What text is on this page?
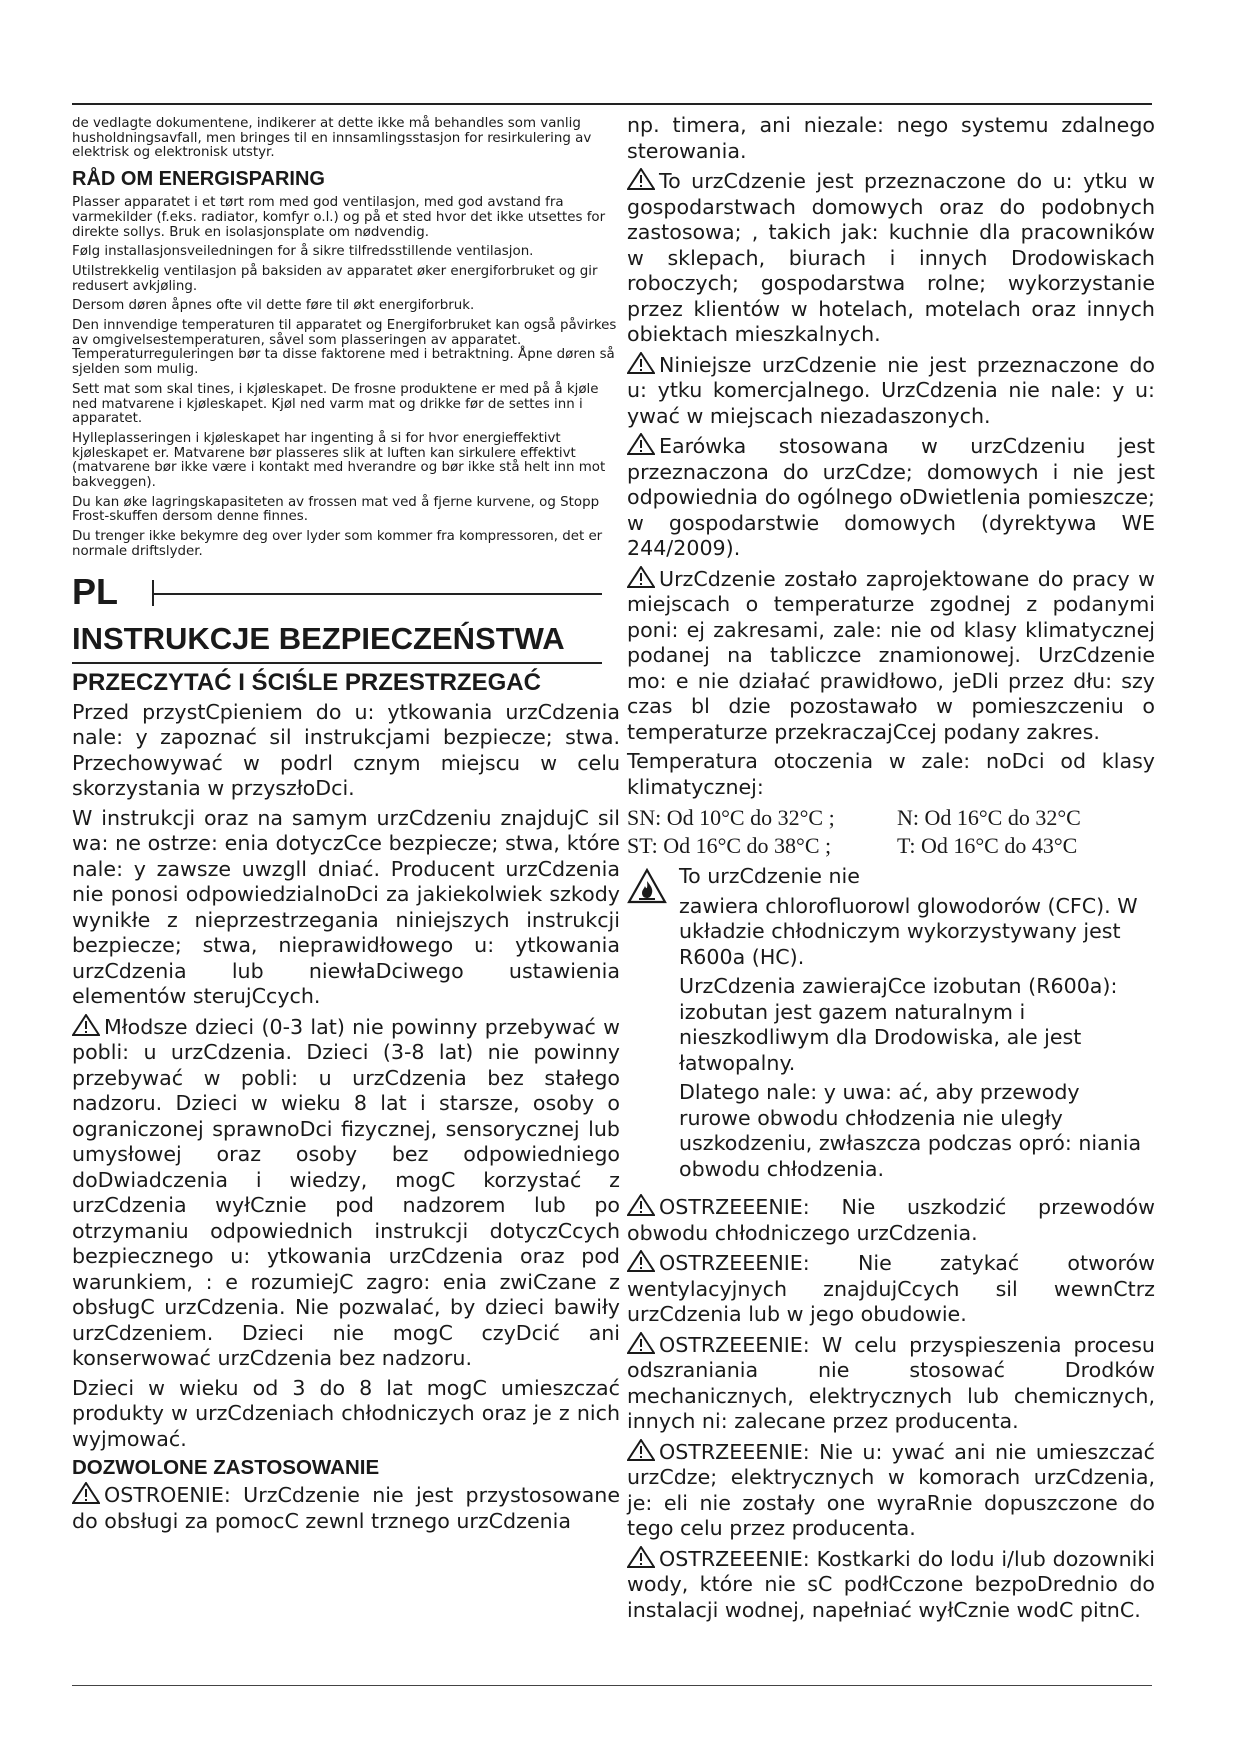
de vedlagte dokumentene, indikerer at dette ikke må behandles som vanlig husholdningsavfall, men bringes til en innsamlingsstasjon for resirkulering av elektrisk og elektronisk utstyr.

RÅD OM ENERGISPARING

Plasser apparatet i et tørt rom med god ventilasjon, med god avstand fra varmekilder (f.eks. radiator, komfyr o.l.) og på et sted hvor det ikke utsettes for direkte sollys. Bruk en isolasjonsplate om nødvendig.

Følg installasjonsveiledningen for å sikre tilfredsstillende ventilasjon.

Utilstrekkelig ventilasjon på baksiden av apparatet øker energiforbruket og gir redusert avkjøling.

Dersom døren åpnes ofte vil dette føre til økt energiforbruk.

Den innvendige temperaturen til apparatet og Energiforbruket kan også påvirkes av omgivelsestemperaturen, såvel som plasseringen av apparatet. Temperaturreguleringen bør ta disse faktorene med i betraktning. Åpne døren så sjelden som mulig.

Sett mat som skal tines, i kjøleskapet. De frosne produktene er med på å kjøle ned matvarene i kjøleskapet. Kjøl ned varm mat og drikke før de settes inn i apparatet.

Hylleplasseringen i kjøleskapet har ingenting å si for hvor energieffektivt kjøleskapet er. Matvarene bør plasseres slik at luften kan sirkulere effektivt (matvarene bør ikke være i kontakt med hverandre og bør ikke stå helt inn mot bakveggen).

Du kan øke lagringskapasiteten av frossen mat ved å fjerne kurvene, og Stopp Frost-skuffen dersom denne finnes.

Du trenger ikke bekymre deg over lyder som kommer fra kompressoren, det er normale driftslyder.

PL
INSTRUKCJE BEZPIECZEŃSTWA
PRZECZYTAĆ I ŚCIŚLE PRZESTRZEGAĆ

Przed przystCpieniem do u: ytkowania urzCdzenia nale: y zapoznać sil instrukcjami bezpiecze; stwa. Przechowywać w podrl cznym miejscu w celu skorzystania w przyszłoDci.

W instrukcji oraz na samym urzCdzeniu znajdujC sil wa: ne ostrze: enia dotyczCce bezpiecze; stwa, które nale: y zawsze uwzgll dniać. Producent urzCdzenia nie ponosi odpowiedzialnoDci za jakiekolwiek szkody wynikłe z nieprzestrzegania niniejszych instrukcji bezpiecze; stwa, nieprawidłowego u: ytkowania urzCdzenia lub niewłaDciwego ustawienia elementów sterujCcych.

Młodsze dzieci (0-3 lat) nie powinny przebywać w pobli: u urzCdzenia. Dzieci (3-8 lat) nie powinny przebywać w pobli: u urzCdzenia bez stałego nadzoru. Dzieci w wieku 8 lat i starsze, osoby o ograniczonej sprawnoDci fizycznej, sensorycznej lub umysłowej oraz osoby bez odpowiedniego doDwiadczenia i wiedzy, mogC korzystać z urzCdzenia wyłCznie pod nadzorem lub po otrzymaniu odpowiednich instrukcji dotyczCcych bezpiecznego u: ytkowania urzCdzenia oraz pod warunkiem, : e rozumiejC zagro: enia zwiCzane z obsługC urzCdzenia. Nie pozwalać, by dzieci bawiły urzCdzeniem. Dzieci nie mogC czyDcić ani konserwować urzCdzenia bez nadzoru.

Dzieci w wieku od 3 do 8 lat mogC umieszczać produkty w urzCdzeniach chłodniczych oraz je z nich wyjmować.

DOZWOLONE ZASTOSOWANIE

OSTROENIE: UrzCdzenie nie jest przystosowane do obsługi za pomocC zewnl trznego urzCdzenia

np. timera, ani niezale: nego systemu zdalnego sterowania.

To urzCdzenie jest przeznaczone do u: ytku w gospodarstwach domowych oraz do podobnych zastosowa; , takich jak: kuchnie dla pracowników w sklepach, biurach i innych Drodowiskach roboczych; gospodarstwa rolne; wykorzystanie przez klientów w hotelach, motelach oraz innych obiektach mieszkalnych.

Niniejsze urzCdzenie nie jest przeznaczone do u: ytku komercjalnego. UrzCdzenia nie nale: y u: ywać w miejscach niezadaszonych.

Earówka stosowana w urzCdzeniu jest przeznaczona do urzCdze; domowych i nie jest odpowiednia do ogólnego oDwietlenia pomieszcze; w gospodarstwie domowych (dyrektywa WE 244/2009).

UrzCdzenie zostało zaprojektowane do pracy w miejscach o temperaturze zgodnej z podanymi poni: ej zakresami, zale: nie od klasy klimatycznej podanej na tabliczce znamionowej. UrzCdzenie mo: e nie działać prawidłowo, jeDli przez dłu: szy czas bl dzie pozostawało w pomieszczeniu o temperaturze przekraczajCcej podany zakres.

Temperatura otoczenia w zale: noDci od klasy klimatycznej:

SN: Od 10°C do 32°C ;	N: Od 16°C do 32°C
ST: Od 16°C do 38°C ;	T: Od 16°C do 43°C

To urzCdzenie nie

zawiera chlorofluorowl glowodorów (CFC). W układzie chłodniczym wykorzystywany jest R600a (HC).

UrzCdzenia zawierajCce izobutan (R600a): izobutan jest gazem naturalnym i nieszkodliwym dla Drodowiska, ale jest łatwopalny.

Dlatego nale: y uwa: ać, aby przewody rurowe obwodu chłodzenia nie uległy uszkodzeniu, zwłaszcza podczas opró: niania obwodu chłodzenia.

OSTRZEEENIE: Nie uszkodzić przewodów obwodu chłodniczego urzCdzenia.

OSTRZEEENIE: Nie zatykać otworów wentylacyjnych znajdujCcych sil wewnCtrz urzCdzenia lub w jego obudowie.

OSTRZEEENIE: W celu przyspieszenia procesu odszraniania nie stosować Drodków mechanicznych, elektrycznych lub chemicznych, innych ni: zalecane przez producenta.

OSTRZEEENIE: Nie u: ywać ani nie umieszczać urzCdze; elektrycznych w komorach urzCdzenia, je: eli nie zostały one wyraRnie dopuszczone do tego celu przez producenta.

OSTRZEEENIE: Kostkarki do lodu i/lub dozowniki wody, które nie sC podłCczone bezpoDrednio do instalacji wodnej, napełniać wyłCznie wodC pitnC.
